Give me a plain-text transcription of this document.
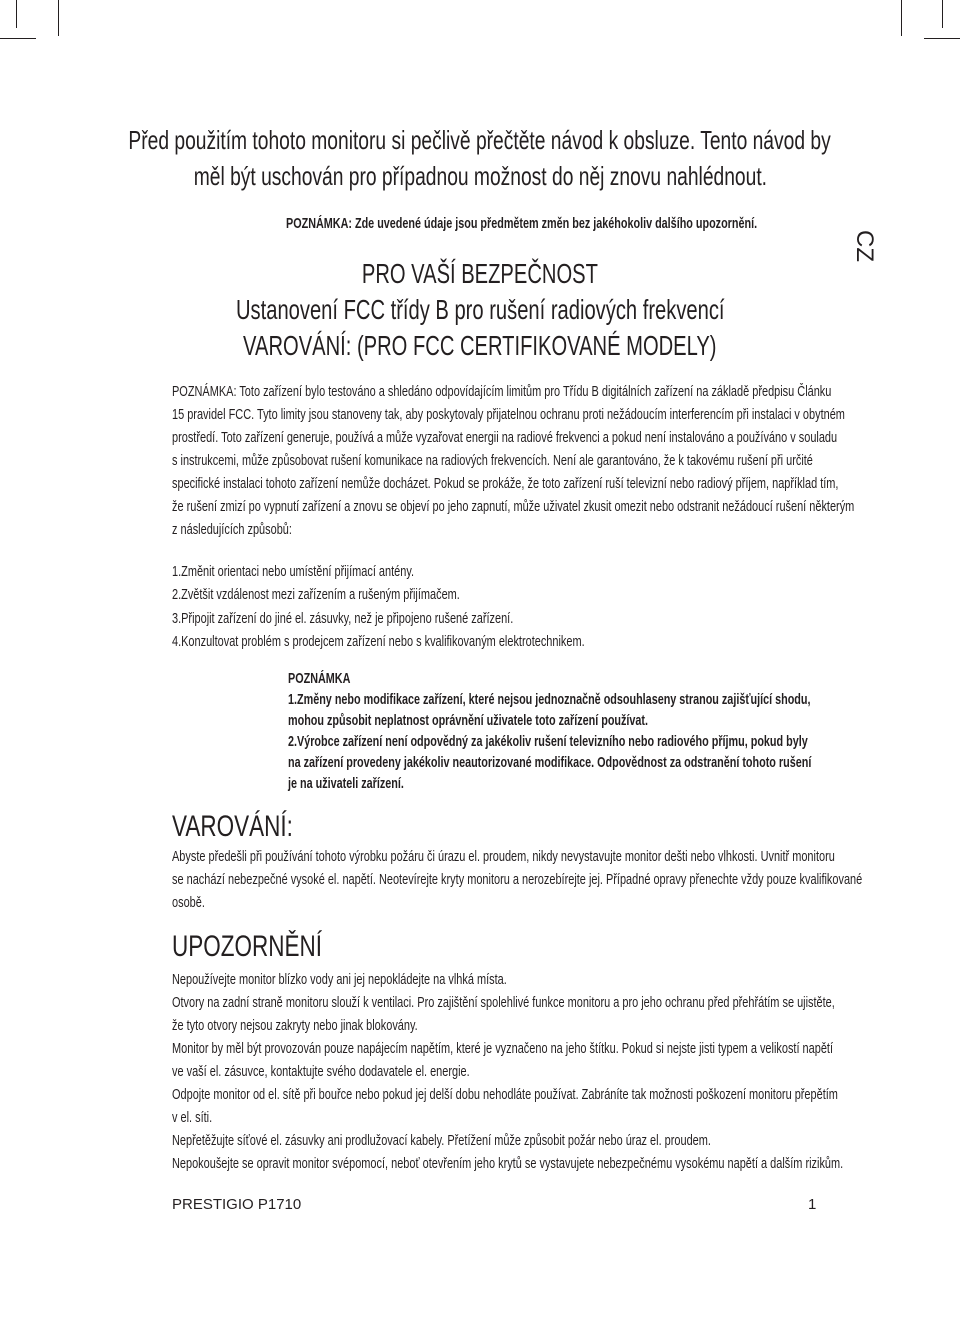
Před použitím tohoto monitoru si pečlivě přečtěte návod k obsluze. Tento návod by
měl být uschován pro případnou možnost do něj znovu nahlédnout.
POZNÁMKA: Zde uvedené údaje jsou předmětem změn bez jakéhokoliv dalšího upozornění.
CZ
PRO VAŠÍ BEZPEČNOST
Ustanovení FCC třídy B pro rušení radiových frekvencí
VAROVÁNÍ: (PRO FCC CERTIFIKOVANÉ MODELY)
POZNÁMKA: Toto zařízení bylo testováno a shledáno odpovídajícím limitům pro Třídu B digitálních zařízení na základě předpisu Článku
15 pravidel FCC. Tyto limity jsou stanoveny tak, aby poskytovaly přijatelnou ochranu proti nežádoucím interferencím při instalaci v obytném
prostředí. Toto zařízení generuje, používá a může vyzařovat energii na radiové frekvenci a pokud není instalováno a používáno v souladu
s instrukcemi, může způsobovat rušení komunikace na radiových frekvencích. Není ale garantováno, že k takovému rušení při určité
specifické instalaci tohoto zařízení nemůže docházet. Pokud se prokáže, že toto zařízení ruší televizní nebo radiový příjem, například tím,
že rušení zmizí po vypnutí zařízení a znovu se objeví po jeho zapnutí, může uživatel zkusit omezit nebo odstranit nežádoucí rušení některým
z následujících způsobů:
1.Změnit orientaci nebo umístění přijímací antény.
2.Zvětšit vzdálenost mezi zařízením a rušeným přijímačem.
3.Připojit zařízení do jiné el. zásuvky, než je připojeno rušené zařízení.
4.Konzultovat problém s prodejcem zařízení nebo s kvalifikovaným elektrotechnikem.
POZNÁMKA
1.Změny nebo modifikace zařízení, které nejsou jednoznačně odsouhlaseny stranou zajišťující shodu,
mohou způsobit neplatnost oprávnění uživatele toto zařízení používat.
2.Výrobce zařízení není odpovědný za jakékoliv rušení televizního nebo radiového příjmu, pokud byly
na zařízení provedeny jakékoliv neautorizované modifikace. Odpovědnost za odstranění tohoto rušení
je na uživateli zařízení.
VAROVÁNÍ:
Abyste předešli při používání tohoto výrobku požáru či úrazu el. proudem, nikdy nevystavujte monitor dešti nebo vlhkosti. Uvnitř monitoru
se nachází nebezpečné vysoké el. napětí. Neotevírejte kryty monitoru a nerozebírejte jej. Případné opravy přenechte vždy pouze kvalifikované
osobě.
UPOZORNĚNÍ
Nepoužívejte monitor blízko vody ani jej nepokládejte na vlhká místa.
Otvory na zadní straně monitoru slouží k ventilaci. Pro zajištění spolehlivé funkce monitoru a pro jeho ochranu před přehřátím se ujistěte,
že tyto otvory nejsou zakryty nebo jinak blokovány.
Monitor by měl být provozován pouze napájecím napětím, které je vyznačeno na jeho štítku. Pokud si nejste jisti typem a velikostí napětí
ve vaší el. zásuvce, kontaktujte svého dodavatele el. energie.
Odpojte monitor od el. sítě při bouřce nebo pokud jej delší dobu nehodláte používat. Zabráníte tak možnosti poškození monitoru přepětím
v el. síti.
Nepřetěžujte síťové el. zásuvky ani prodlužovací kabely. Přetížení může způsobit požár nebo úraz el. proudem.
Nepokoušejte se opravit monitor svépomocí, neboť otevřením jeho krytů se vystavujete nebezpečnému vysokému napětí a dalším rizikům.
PRESTIGIO P1710	1
